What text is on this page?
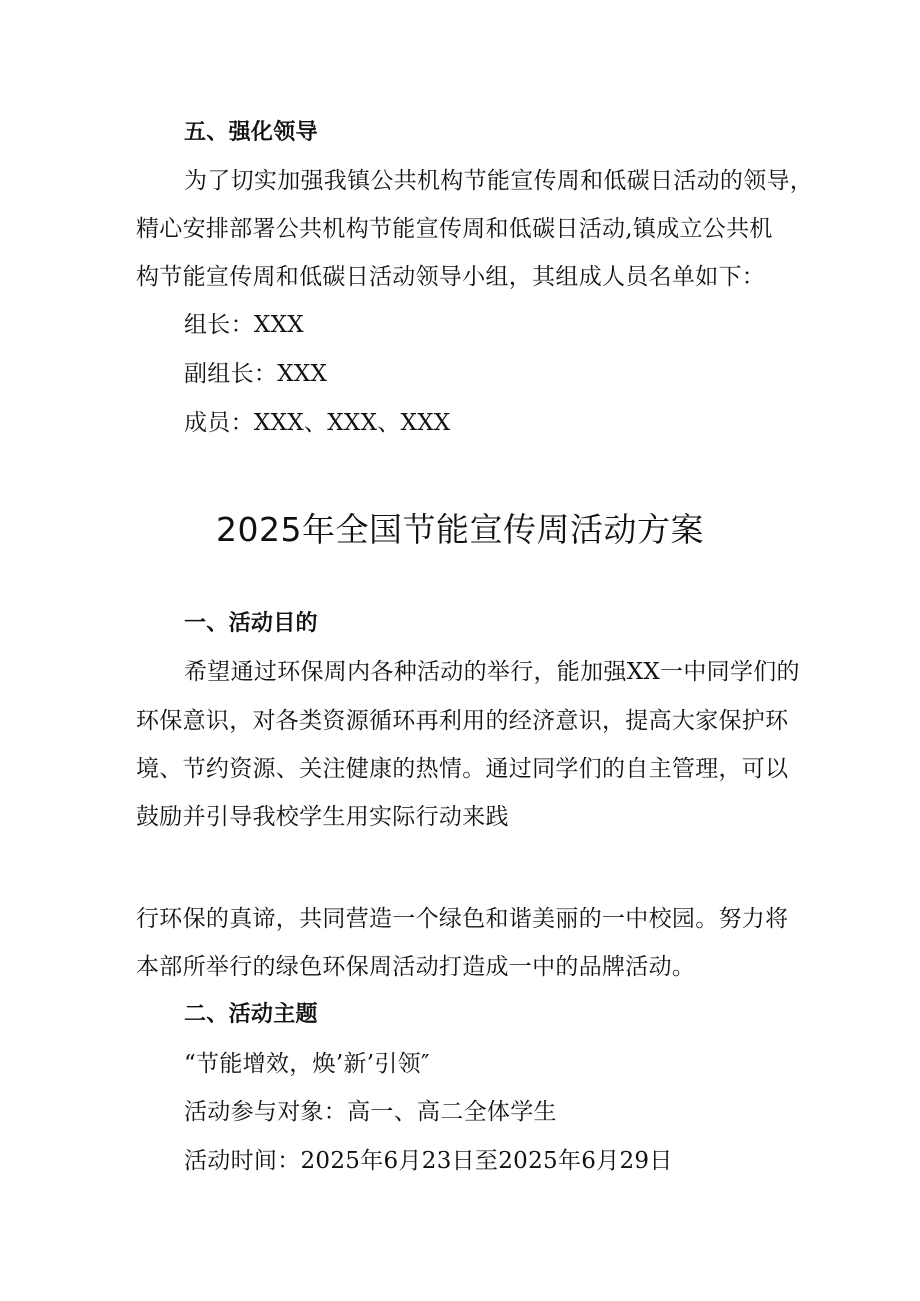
五、强化领导
为了切实加强我镇公共机构节能宣传周和低碳日活动的领导，
精心安排部署公共机构节能宣传周和低碳日活动,镇成立公共机
构节能宣传周和低碳日活动领导小组，其组成人员名单如下：
组长：XXX
副组长：XXX
成员：XXX、XXX、XXX
2025年全国节能宣传周活动方案
一、活动目的
希望通过环保周内各种活动的举行，能加强XX一中同学们的
环保意识，对各类资源循环再利用的经济意识，提高大家保护环
境、节约资源、关注健康的热情。通过同学们的自主管理，可以
鼓励并引导我校学生用实际行动来践
行环保的真谛，共同营造一个绿色和谐美丽的一中校园。努力将
本部所举行的绿色环保周活动打造成一中的品牌活动。
二、活动主题
“节能增效，焕’新’引领″
活动参与对象：高一、高二全体学生
活动时间：2025年6月23日至2025年6月29日
